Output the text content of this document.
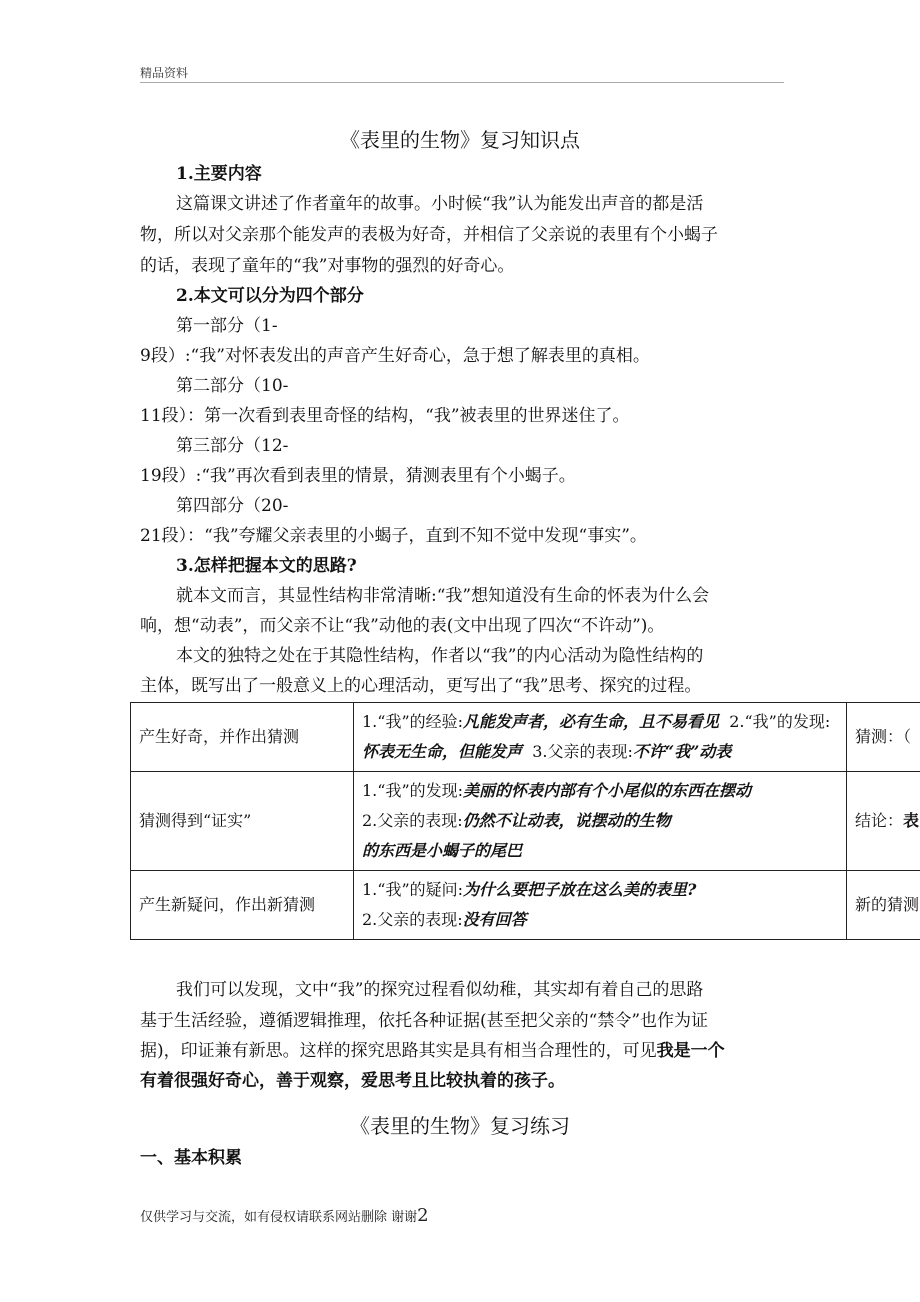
精品资料
《表里的生物》复习知识点
1.主要内容
这篇课文讲述了作者童年的故事。小时候“我”认为能发出声音的都是活
物，所以对父亲那个能发声的表极为好奇，并相信了父亲说的表里有个小蝎子
的话，表现了童年的“我”对事物的强烈的好奇心。
2.本文可以分为四个部分
第一部分（1-
9段）:“我”对怀表发出的声音产生好奇心，急于想了解表里的真相。
第二部分（10-
11段）：第一次看到表里奇怪的结构，“我”被表里的世界迷住了。
第三部分（12-
19段）:“我”再次看到表里的情景，猜测表里有个小蝎子。
第四部分（20-
21段）：“我”夸耀父亲表里的小蝎子，直到不知不觉中发现“事实”。
3.怎样把握本文的思路?
就本文而言，其显性结构非常清晰:“我”想知道没有生命的怀表为什么会
响，想“动表”，而父亲不让“我”动他的表(文中出现了四次“不许动”)。
本文的独特之处在于其隐性结构，作者以“我”的内心活动为隐性结构的
主体，既写出了一般意义上的心理活动，更写出了“我”思考、探究的过程。
产生好奇，并作出猜测	1.“我”的经验:凡能发声者，必有生命，且不易看见 2.“我”的发现:怀表无生命，但能发声 3.父亲的表现:不许“我”动表	猜测：（
猜测得到“证实”	1.“我”的发现:美丽的怀表内部有个小尾似的东西在摆动
2.父亲的表现:仍然不让动表，说摆动的生物
的东西是小蝎子的尾巴	结论：表
产生新疑问，作出新猜测	1.“我”的疑问:为什么要把子放在这么美的表里?
2.父亲的表现:没有回答	新的猜测
我们可以发现，文中“我”的探究过程看似幼稚，其实却有着自己的思路
基于生活经验，遵循逻辑推理，依托各种证据(甚至把父亲的“禁令”也作为证
据)，印证兼有新思。这样的探究思路其实是具有相当合理性的，可见我是一个
有着很强好奇心，善于观察，爱思考且比较执着的孩子。
《表里的生物》复习练习
一、基本积累
仅供学习与交流，如有侵权请联系网站删除 谢谢2
